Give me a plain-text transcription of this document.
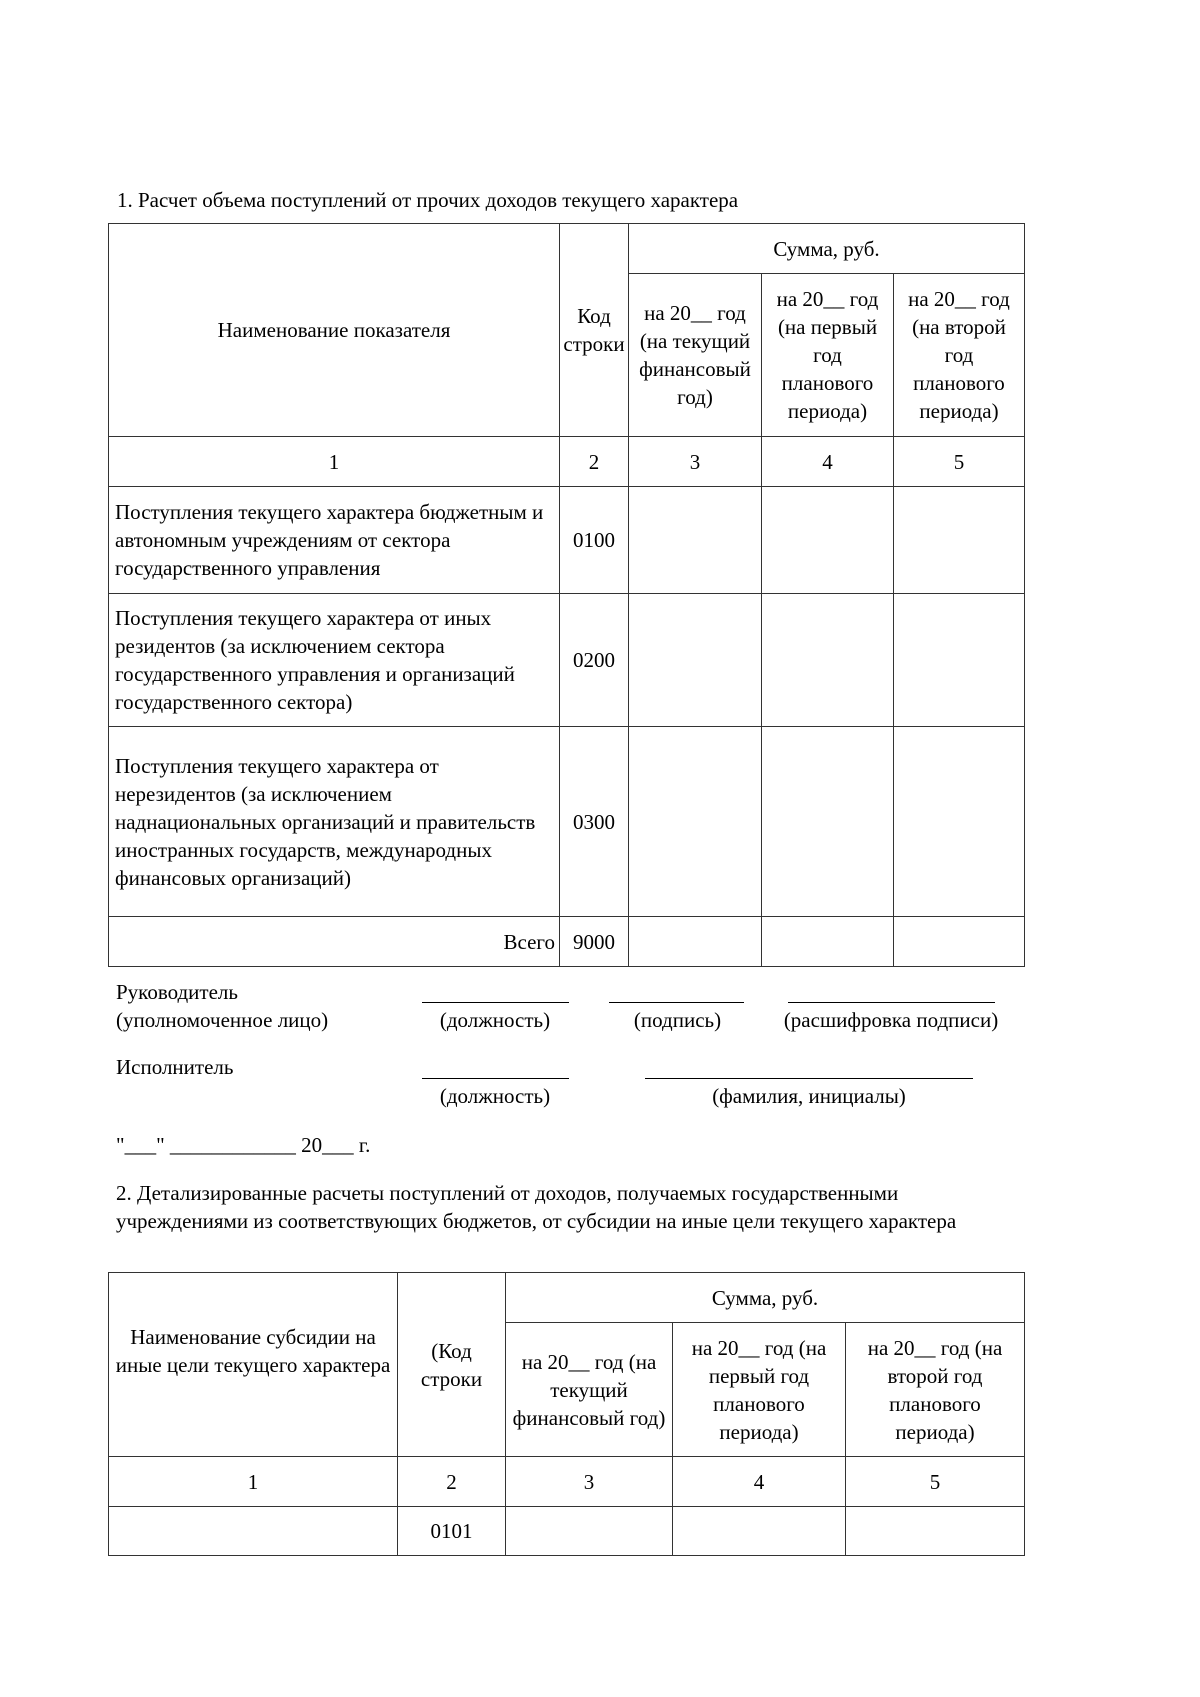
1. Расчет объема поступлений от прочих доходов текущего характера
Наименование показателя	Код строки	Сумма, руб.		
		на 20__ год (на текущий финансовый год)	на 20__ год (на первый год планового периода)	на 20__ год (на второй год планового периода)
1	2	3	4	5
Поступления текущего характера бюджетным и автономным учреждениям от сектора государственного управления	0100			
Поступления текущего характера от иных резидентов (за исключением сектора государственного управления и организаций государственного сектора)	0200			
Поступления текущего характера от нерезидентов (за исключением наднациональных организаций и правительств иностранных государств, международных финансовых организаций)	0300			
Всего	9000			
Руководитель
(уполномоченное лицо)	(должность)	(подпись)	(расшифровка подписи)
Исполнитель
(должность)	(фамилия, инициалы)
"___" ____________ 20___ г.
2. Детализированные расчеты поступлений от доходов, получаемых государственными учреждениями из соответствующих бюджетов, от субсидии на иные цели текущего характера
Наименование субсидии на иные цели текущего характера	(Код строки	Сумма, руб.		
		на 20__ год (на текущий финансовый год)	на 20__ год (на первый год планового периода)	на 20__ год (на второй год планового периода)
1	2	3	4	5
	0101			
